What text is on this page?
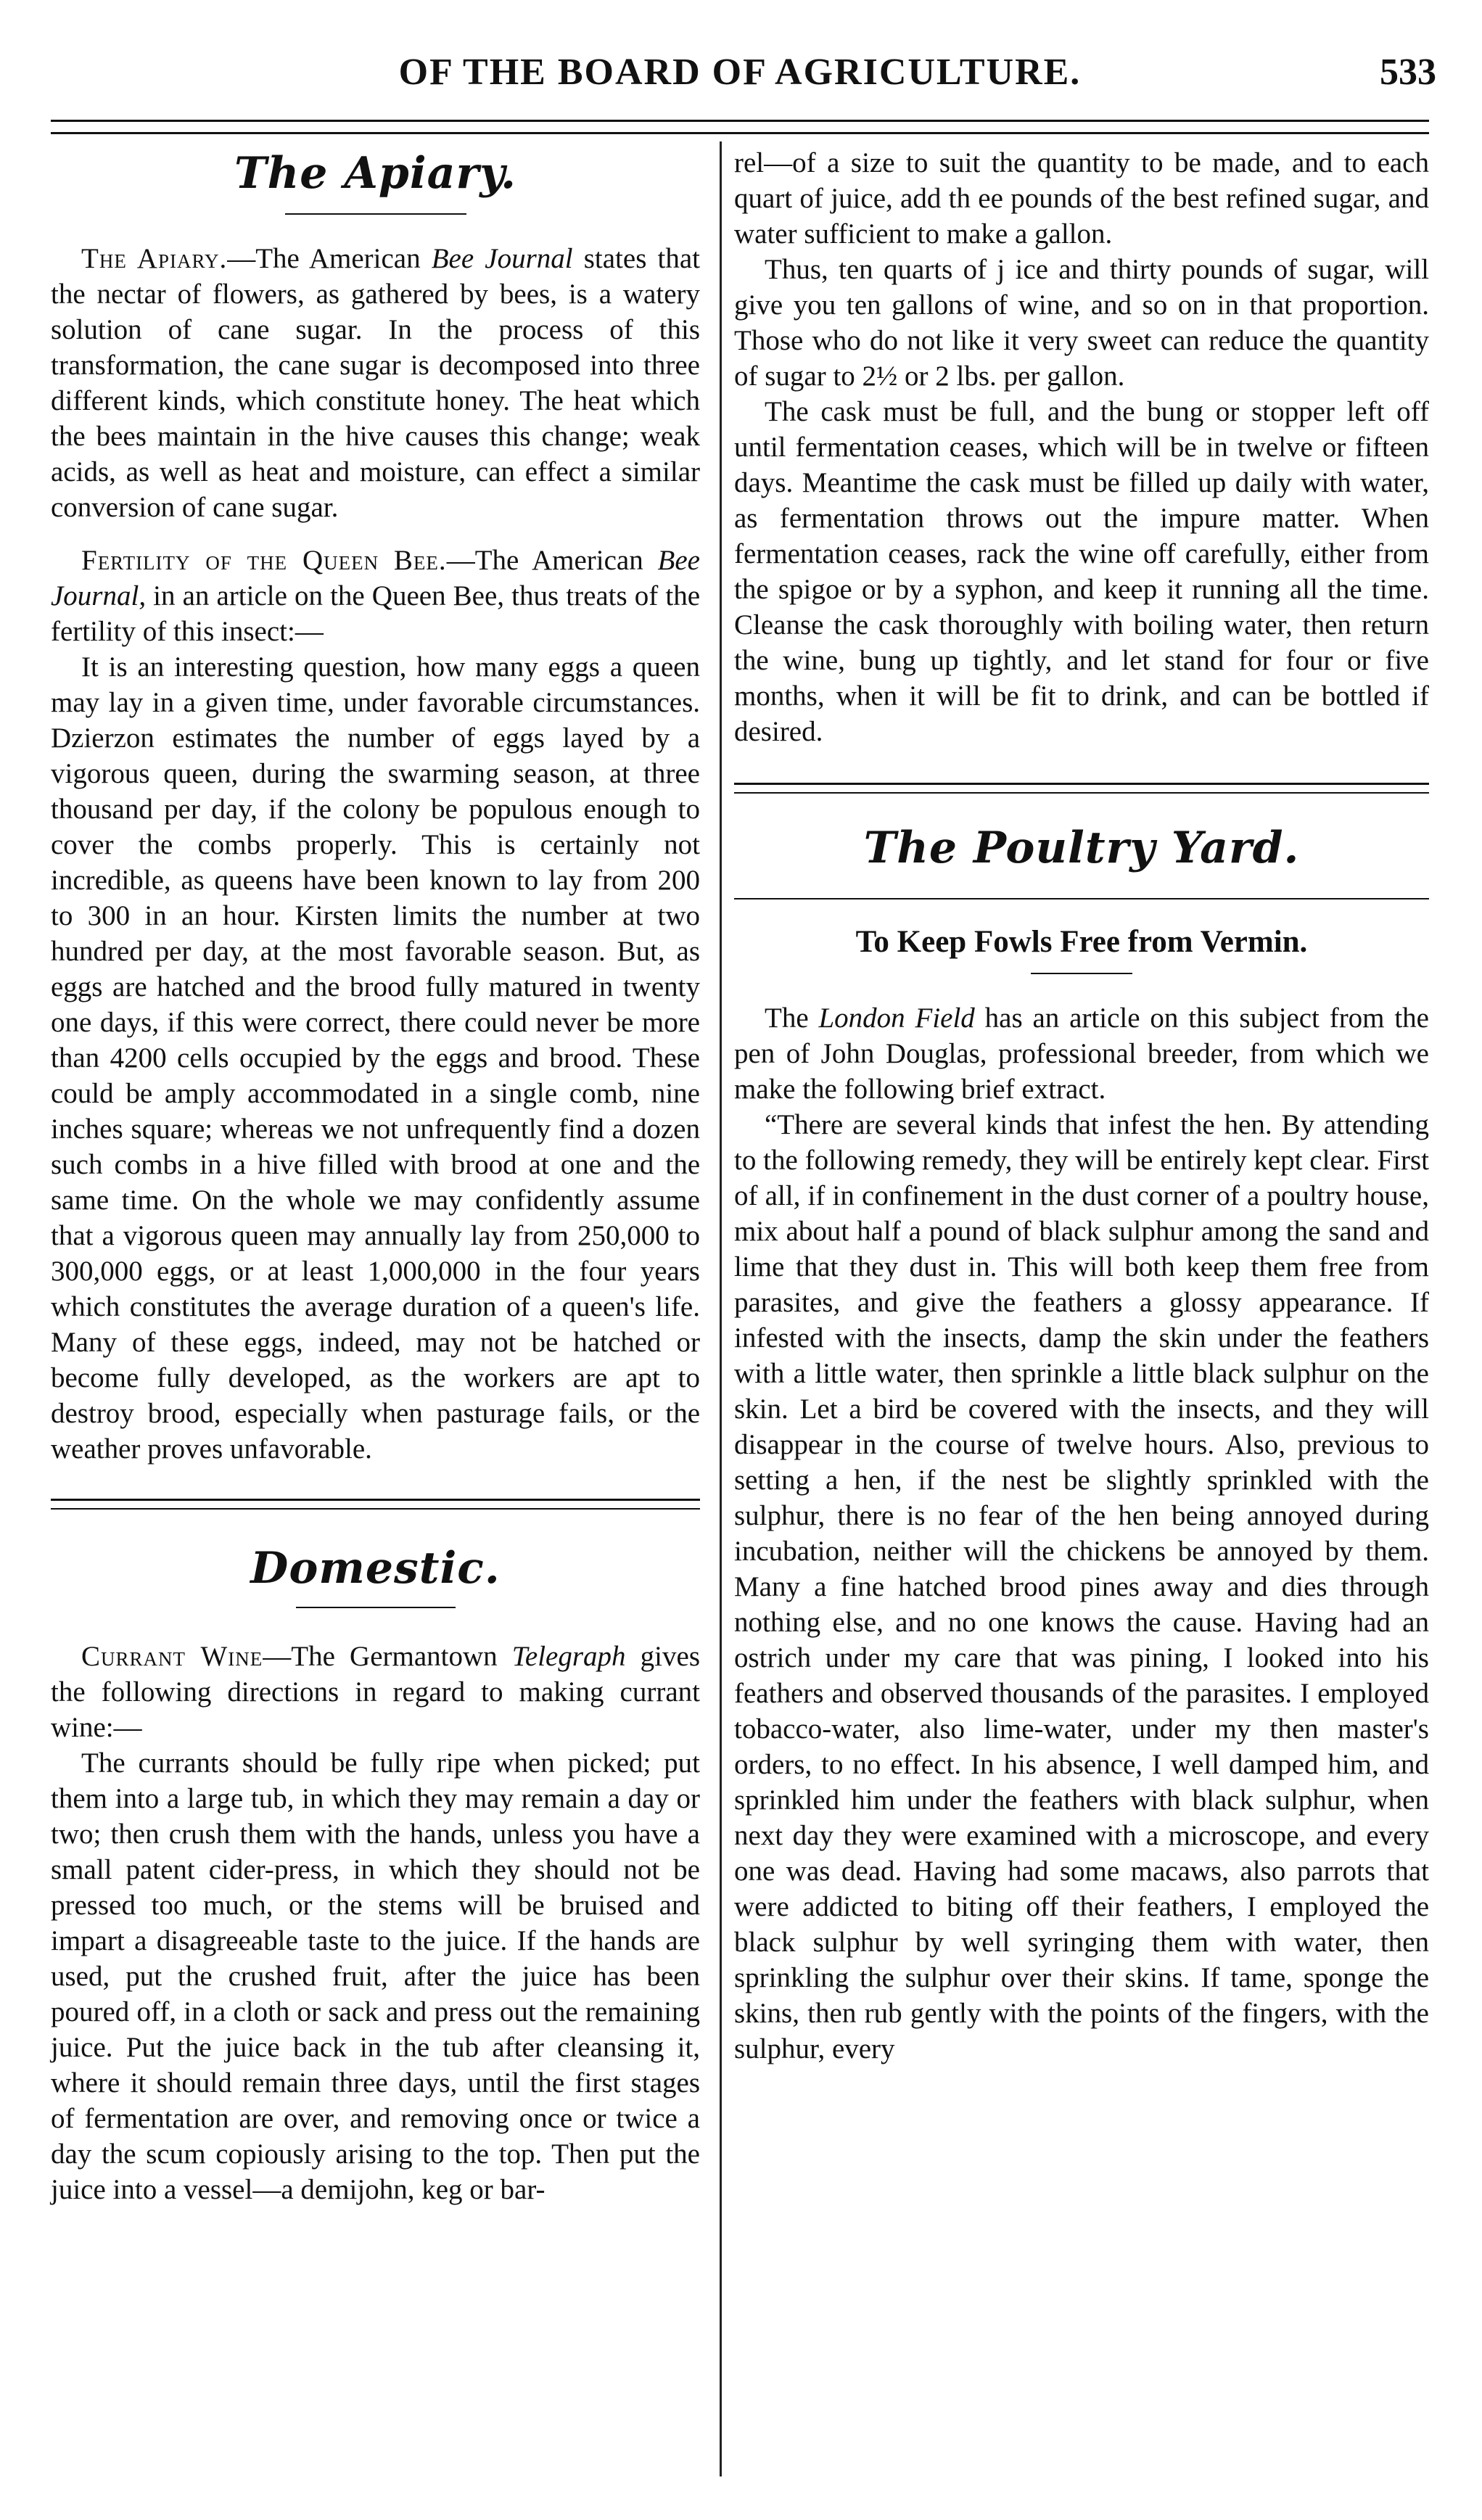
OF THE BOARD OF AGRICULTURE.	533
The Apiary.

The Apiary.—The American Bee Journal states that the nectar of flowers, as gathered by bees, is a watery solution of cane sugar. In the process of this transformation, the cane sugar is decomposed into three different kinds, which constitute honey. The heat which the bees maintain in the hive causes this change; weak acids, as well as heat and moisture, can effect a similar conversion of cane sugar.

Fertility of the Queen Bee.—The American Bee Journal, in an article on the Queen Bee, thus treats of the fertility of this insect:—

It is an interesting question, how many eggs a queen may lay in a given time, under favorable circumstances. Dzierzon estimates the number of eggs layed by a vigorous queen, during the swarming season, at three thousand per day, if the colony be populous enough to cover the combs properly. This is certainly not incredible, as queens have been known to lay from 200 to 300 in an hour. Kirsten limits the number at two hundred per day, at the most favorable season. But, as eggs are hatched and the brood fully matured in twenty one days, if this were correct, there could never be more than 4200 cells occupied by the eggs and brood. These could be amply accommodated in a single comb, nine inches square; whereas we not unfrequently find a dozen such combs in a hive filled with brood at one and the same time. On the whole we may confidently assume that a vigorous queen may annually lay from 250,000 to 300,000 eggs, or at least 1,000,000 in the four years which constitutes the average duration of a queen's life. Many of these eggs, indeed, may not be hatched or become fully developed, as the workers are apt to destroy brood, especially when pasturage fails, or the weather proves unfavorable.

Domestic.

Currant Wine—The Germantown Telegraph gives the following directions in regard to making currant wine:—

The currants should be fully ripe when picked; put them into a large tub, in which they may remain a day or two; then crush them with the hands, unless you have a small patent cider-press, in which they should not be pressed too much, or the stems will be bruised and impart a disagreeable taste to the juice. If the hands are used, put the crushed fruit, after the juice has been poured off, in a cloth or sack and press out the remaining juice. Put the juice back in the tub after cleansing it, where it should remain three days, until the first stages of fermentation are over, and removing once or twice a day the scum copiously arising to the top. Then put the juice into a vessel—a demijohn, keg or bar-

rel—of a size to suit the quantity to be made, and to each quart of juice, add th ee pounds of the best refined sugar, and water sufficient to make a gallon.

Thus, ten quarts of j ice and thirty pounds of sugar, will give you ten gallons of wine, and so on in that proportion. Those who do not like it very sweet can reduce the quantity of sugar to 2½ or 2 lbs. per gallon.

The cask must be full, and the bung or stopper left off until fermentation ceases, which will be in twelve or fifteen days. Meantime the cask must be filled up daily with water, as fermentation throws out the impure matter. When fermentation ceases, rack the wine off carefully, either from the spigoe or by a syphon, and keep it running all the time. Cleanse the cask thoroughly with boiling water, then return the wine, bung up tightly, and let stand for four or five months, when it will be fit to drink, and can be bottled if desired.

The Poultry Yard.

To Keep Fowls Free from Vermin.

The London Field has an article on this subject from the pen of John Douglas, professional breeder, from which we make the following brief extract.

“There are several kinds that infest the hen. By attending to the following remedy, they will be entirely kept clear. First of all, if in confinement in the dust corner of a poultry house, mix about half a pound of black sulphur among the sand and lime that they dust in. This will both keep them free from parasites, and give the feathers a glossy appearance. If infested with the insects, damp the skin under the feathers with a little water, then sprinkle a little black sulphur on the skin. Let a bird be covered with the insects, and they will disappear in the course of twelve hours. Also, previous to setting a hen, if the nest be slightly sprinkled with the sulphur, there is no fear of the hen being annoyed during incubation, neither will the chickens be annoyed by them. Many a fine hatched brood pines away and dies through nothing else, and no one knows the cause. Having had an ostrich under my care that was pining, I looked into his feathers and observed thousands of the parasites. I employed tobacco-water, also lime-water, under my then master's orders, to no effect. In his absence, I well damped him, and sprinkled him under the feathers with black sulphur, when next day they were examined with a microscope, and every one was dead. Having had some macaws, also parrots that were addicted to biting off their feathers, I employed the black sulphur by well syringing them with water, then sprinkling the sulphur over their skins. If tame, sponge the skins, then rub gently with the points of the fingers, with the sulphur, every
